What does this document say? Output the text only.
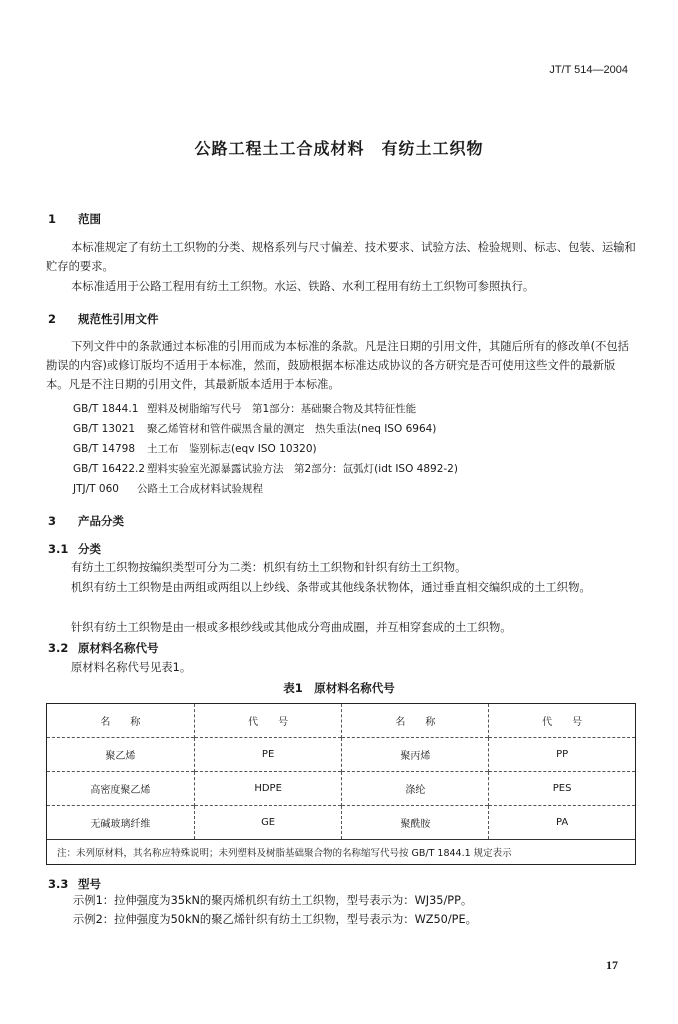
JT/T 514—2004
公路工程土工合成材料　有纺土工织物
1 范围
本标准规定了有纺土工织物的分类、规格系列与尺寸偏差、技术要求、试验方法、检验规则、标志、包装、运输和贮存的要求。
本标准适用于公路工程用有纺土工织物。水运、铁路、水利工程用有纺土工织物可参照执行。
2 规范性引用文件
下列文件中的条款通过本标准的引用而成为本标准的条款。凡是注日期的引用文件，其随后所有的修改单(不包括勘误的内容)或修订版均不适用于本标准，然而，鼓励根据本标准达成协议的各方研究是否可使用这些文件的最新版本。凡是不注日期的引用文件，其最新版本适用于本标准。
GB/T 1844.1 塑料及树脂缩写代号　第1部分：基础聚合物及其特征性能
GB/T 13021 聚乙烯管材和管件碳黑含量的测定　热失重法(neq ISO 6964)
GB/T 14798 土工布　鉴别标志(eqv ISO 10320)
GB/T 16422.2 塑料实验室光源暴露试验方法　第2部分：氙弧灯(idt ISO 4892-2)
JTJ/T 060 公路土工合成材料试验规程
3 产品分类
3.1 分类
有纺土工织物按编织类型可分为二类：机织有纺土工织物和针织有纺土工织物。
机织有纺土工织物是由两组或两组以上纱线、条带或其他线条状物体，通过垂直相交编织成的土工织物。
针织有纺土工织物是由一根或多根纱线或其他成分弯曲成圈，并互相穿套成的土工织物。
3.2 原材料名称代号
原材料名称代号见表1。
表1　原材料名称代号
名　　称	代　　号	名　　称	代　　号
聚乙烯	PE	聚丙烯	PP
高密度聚乙烯	HDPE	涤纶	PES
无碱玻璃纤维	GE	聚酰胺	PA
注：未列原材料，其名称应特殊说明；未列塑料及树脂基础聚合物的名称缩写代号按 GB/T 1844.1 规定表示			
3.3 型号
示例1：拉伸强度为35kN的聚丙烯机织有纺土工织物，型号表示为：WJ35/PP。
示例2：拉伸强度为50kN的聚乙烯针织有纺土工织物，型号表示为：WZ50/PE。
17
